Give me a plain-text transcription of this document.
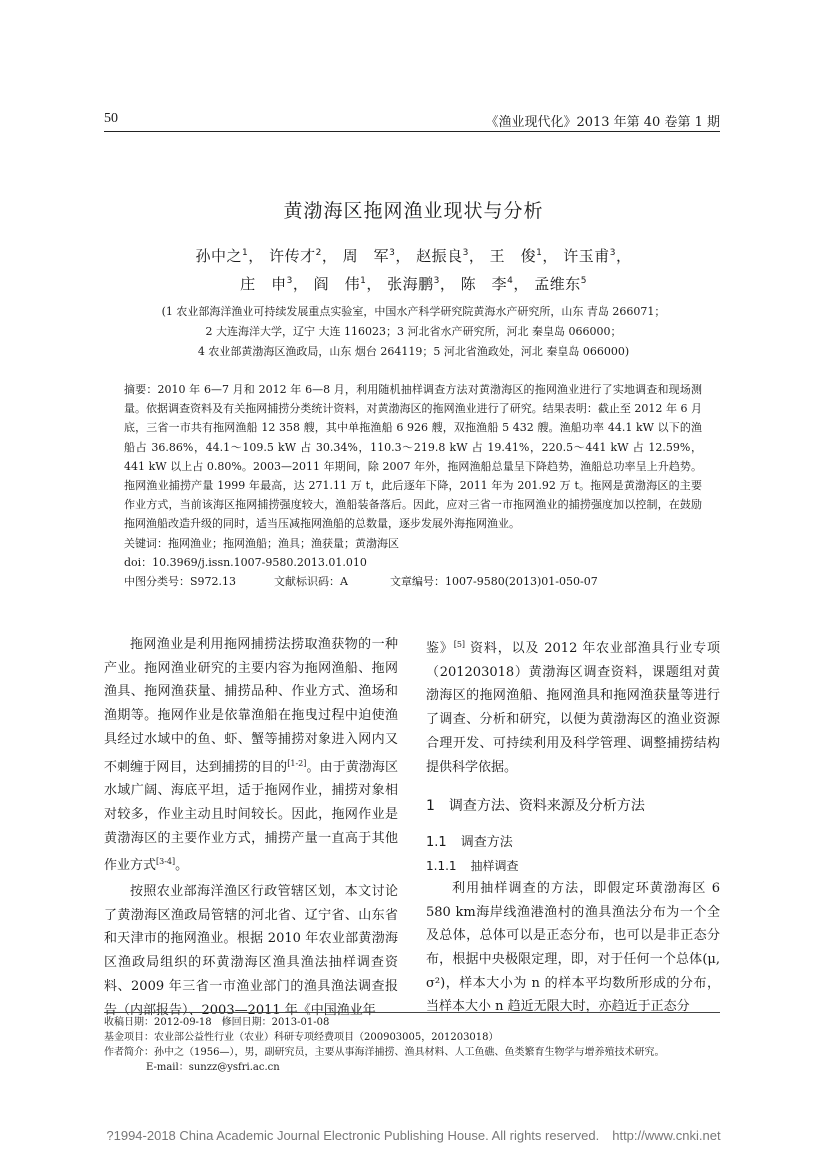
50	《渔业现代化》2013 年第 40 卷第 1 期
黄渤海区拖网渔业现状与分析
孙中之$^1$， 许传才$^2$， 周　军$^3$， 赵振良$^3$， 王　俊$^1$， 许玉甫$^3$，
庄　申$^3$， 阎　伟$^1$， 张海鹏$^3$， 陈　李$^4$， 孟维东$^5$
(1 农业部海洋渔业可持续发展重点实验室，中国水产科学研究院黄海水产研究所，山东 青岛 266071；
2 大连海洋大学，辽宁 大连 116023；3 河北省水产研究所，河北 秦皇岛 066000；
4 农业部黄渤海区渔政局，山东 烟台 264119；5 河北省渔政处，河北 秦皇岛 066000)

摘要：2010 年 6—7 月和 2012 年 6—8 月，利用随机抽样调查方法对黄渤海区的拖网渔业进行了实地调查和现场测量。依据调查资料及有关拖网捕捞分类统计资料，对黄渤海区的拖网渔业进行了研究。结果表明：截止至 2012 年 6 月底，三省一市共有拖网渔船 12 358 艘，其中单拖渔船 6 926 艘，双拖渔船 5 432 艘。渔船功率 44.1 kW 以下的渔船占 36.86%，44.1～109.5 kW 占 30.34%，110.3～219.8 kW 占 19.41%，220.5～441 kW 占 12.59%，441 kW 以上占 0.80%。2003—2011 年期间，除 2007 年外，拖网渔船总量呈下降趋势，渔船总功率呈上升趋势。拖网渔业捕捞产量 1999 年最高，达 271.11 万 t，此后逐年下降，2011 年为 201.92 万 t。拖网是黄渤海区的主要作业方式，当前该海区拖网捕捞强度较大，渔船装备落后。因此，应对三省一市拖网渔业的捕捞强度加以控制，在鼓励拖网渔船改造升级的同时，适当压减拖网渔船的总数量，逐步发展外海拖网渔业。

关键词：拖网渔业；拖网渔船；渔具；渔获量；黄渤海区

doi：10.3969/j.issn.1007-9580.2013.01.010

中图分类号：S972.13	文献标识码：A	文章编号：1007-9580(2013)01-050-07

拖网渔业是利用拖网捕捞法捞取渔获物的一种产业。拖网渔业研究的主要内容为拖网渔船、拖网渔具、拖网渔获量、捕捞品种、作业方式、渔场和渔期等。拖网作业是依靠渔船在拖曳过程中迫使渔具经过水域中的鱼、虾、蟹等捕捞对象进入网内又不刺缠于网目，达到捕捞的目的[1-2]。由于黄渤海区水域广阔、海底平坦，适于拖网作业，捕捞对象相对较多，作业主动且时间较长。因此，拖网作业是黄渤海区的主要作业方式，捕捞产量一直高于其他作业方式[3-4]。

按照农业部海洋渔区行政管辖区划，本文讨论了黄渤海区渔政局管辖的河北省、辽宁省、山东省和天津市的拖网渔业。根据 2010 年农业部黄渤海区渔政局组织的环黄渤海区渔具渔法抽样调查资料、2009 年三省一市渔业部门的渔具渔法调查报告（内部报告）、2003—2011 年《中国渔业年

鉴》[5] 资料，以及 2012 年农业部渔具行业专项（201203018）黄渤海区调查资料，课题组对黄渤海区的拖网渔船、拖网渔具和拖网渔获量等进行了调查、分析和研究，以便为黄渤海区的渔业资源合理开发、可持续利用及科学管理、调整捕捞结构提供科学依据。

1 调查方法、资料来源及分析方法
1.1 调查方法
1.1.1 抽样调查

利用抽样调查的方法，即假定环黄渤海区 6 580 km海岸线渔港渔村的渔具渔法分布为一个全及总体，总体可以是正态分布，也可以是非正态分布，根据中央极限定理，即，对于任何一个总体(μ, σ²)，样本大小为 n 的样本平均数所形成的分布，当样本大小 n 趋近无限大时，亦趋近于正态分

收稿日期：2012-09-18　修回日期：2013-01-08
基金项目：农业部公益性行业（农业）科研专项经费项目（200903005，201203018）
作者简介：孙中之（1956—），男，副研究员，主要从事海洋捕捞、渔具材料、人工鱼礁、鱼类繁育生物学与增养殖技术研究。
E-mail：sunzz@ysfri.ac.cn
?1994-2018 China Academic Journal Electronic Publishing House. All rights reserved.　http://www.cnki.net
